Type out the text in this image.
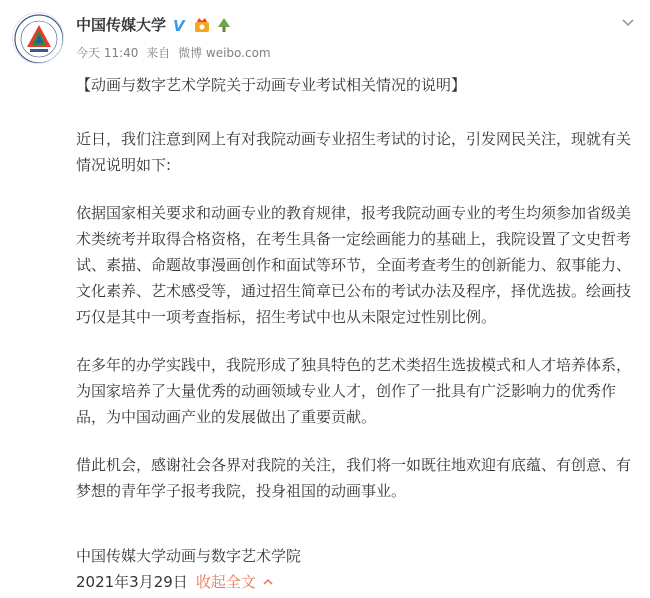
中国传媒大学 V
今天 11:40 来自 微博 weibo.com

【动画与数字艺术学院关于动画专业考试相关情况的说明】

近日，我们注意到网上有对我院动画专业招生考试的讨论，引发网民关注，现就有关情况说明如下:

依据国家相关要求和动画专业的教育规律，报考我院动画专业的考生均须参加省级美术类统考并取得合格资格，在考生具备一定绘画能力的基础上，我院设置了文史哲考试、素描、命题故事漫画创作和面试等环节，全面考查考生的创新能力、叙事能力、文化素养、艺术感受等，通过招生简章已公布的考试办法及程序，择优选拔。绘画技巧仅是其中一项考查指标，招生考试中也从未限定过性别比例。

在多年的办学实践中，我院形成了独具特色的艺术类招生选拔模式和人才培养体系，为国家培养了大量优秀的动画领域专业人才，创作了一批具有广泛影响力的优秀作品，为中国动画产业的发展做出了重要贡献。

借此机会，感谢社会各界对我院的关注，我们将一如既往地欢迎有底蕴、有创意、有梦想的青年学子报考我院，投身祖国的动画事业。

中国传媒大学动画与数字艺术学院
2021年3月29日 收起全文
